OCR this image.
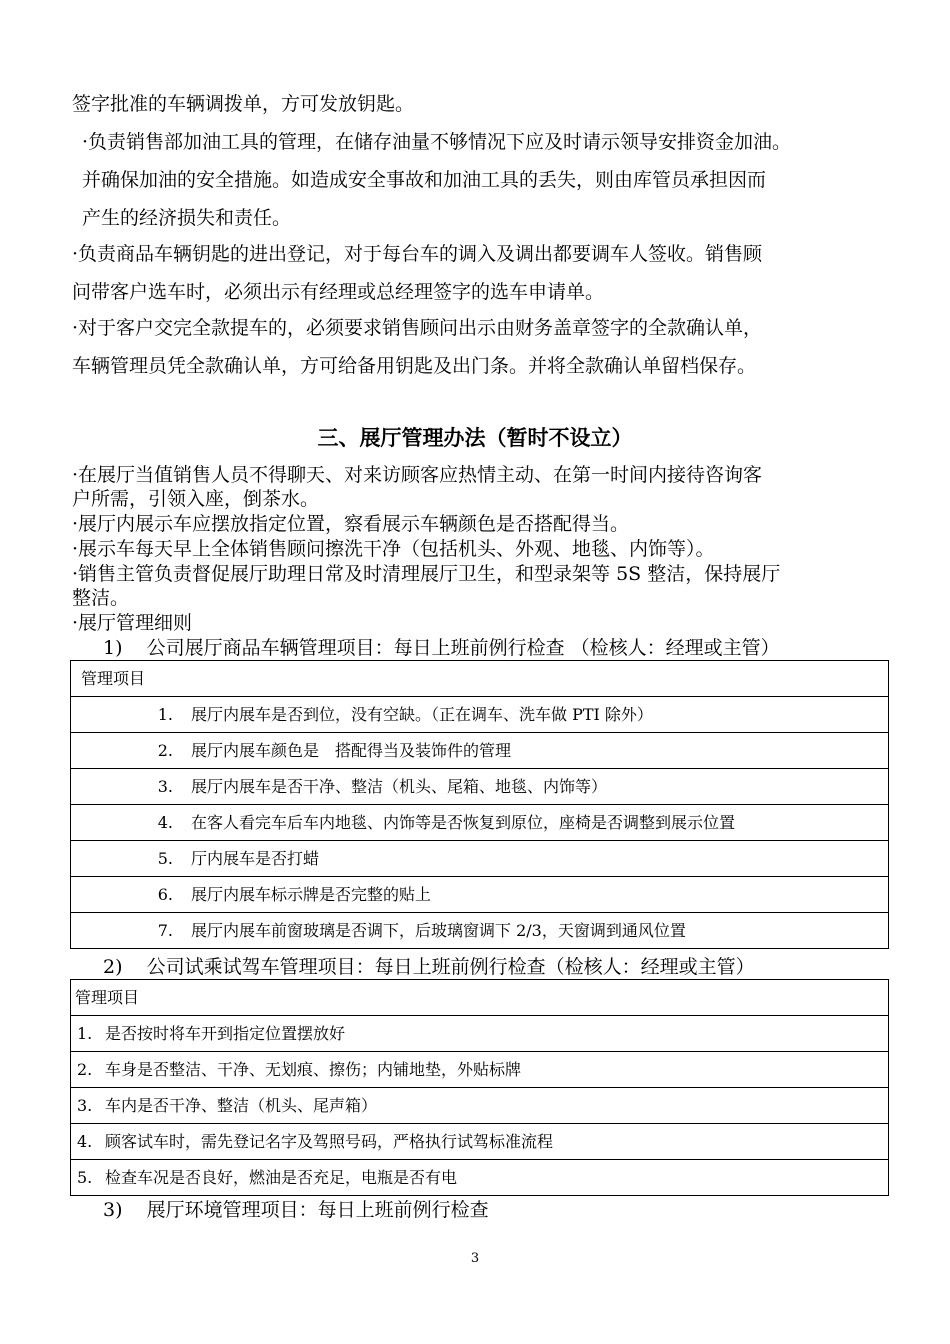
签字批准的车辆调拨单，方可发放钥匙。
·负责销售部加油工具的管理，在储存油量不够情况下应及时请示领导安排资金加油。
并确保加油的安全措施。如造成安全事故和加油工具的丢失，则由库管员承担因而
产生的经济损失和责任。
·负责商品车辆钥匙的进出登记，对于每台车的调入及调出都要调车人签收。销售顾
问带客户选车时，必须出示有经理或总经理签字的选车申请单。
·对于客户交完全款提车的，必须要求销售顾问出示由财务盖章签字的全款确认单，
车辆管理员凭全款确认单，方可给备用钥匙及出门条。并将全款确认单留档保存。
三、展厅管理办法（暂时不设立）
·在展厅当值销售人员不得聊天、对来访顾客应热情主动、在第一时间内接待咨询客
户所需，引领入座，倒茶水。
·展厅内展示车应摆放指定位置，察看展示车辆颜色是否搭配得当。
·展示车每天早上全体销售顾问擦洗干净（包括机头、外观、地毯、内饰等）。
·销售主管负责督促展厅助理日常及时清理展厅卫生，和型录架等 5S 整洁，保持展厅
整洁。
·展厅管理细则
1) 公司展厅商品车辆管理项目：每日上班前例行检查 （检核人：经理或主管）
管理项目
1. 展厅内展车是否到位，没有空缺。（正在调车、洗车做 PTI 除外）
2. 展厅内展车颜色是　搭配得当及装饰件的管理
3. 展厅内展车是否干净、整洁（机头、尾箱、地毯、内饰等）
4. 在客人看完车后车内地毯、内饰等是否恢复到原位，座椅是否调整到展示位置
5. 厅内展车是否打蜡
6. 展厅内展车标示牌是否完整的贴上
7. 展厅内展车前窗玻璃是否调下，后玻璃窗调下 2/3，天窗调到通风位置
2) 公司试乘试驾车管理项目：每日上班前例行检查（检核人：经理或主管）
管理项目
1. 是否按时将车开到指定位置摆放好
2. 车身是否整洁、干净、无划痕、擦伤；内铺地垫，外贴标牌
3. 车内是否干净、整洁（机头、尾声箱）
4. 顾客试车时，需先登记名字及驾照号码，严格执行试驾标准流程
5. 检查车况是否良好，燃油是否充足，电瓶是否有电
3) 展厅环境管理项目：每日上班前例行检查
3
